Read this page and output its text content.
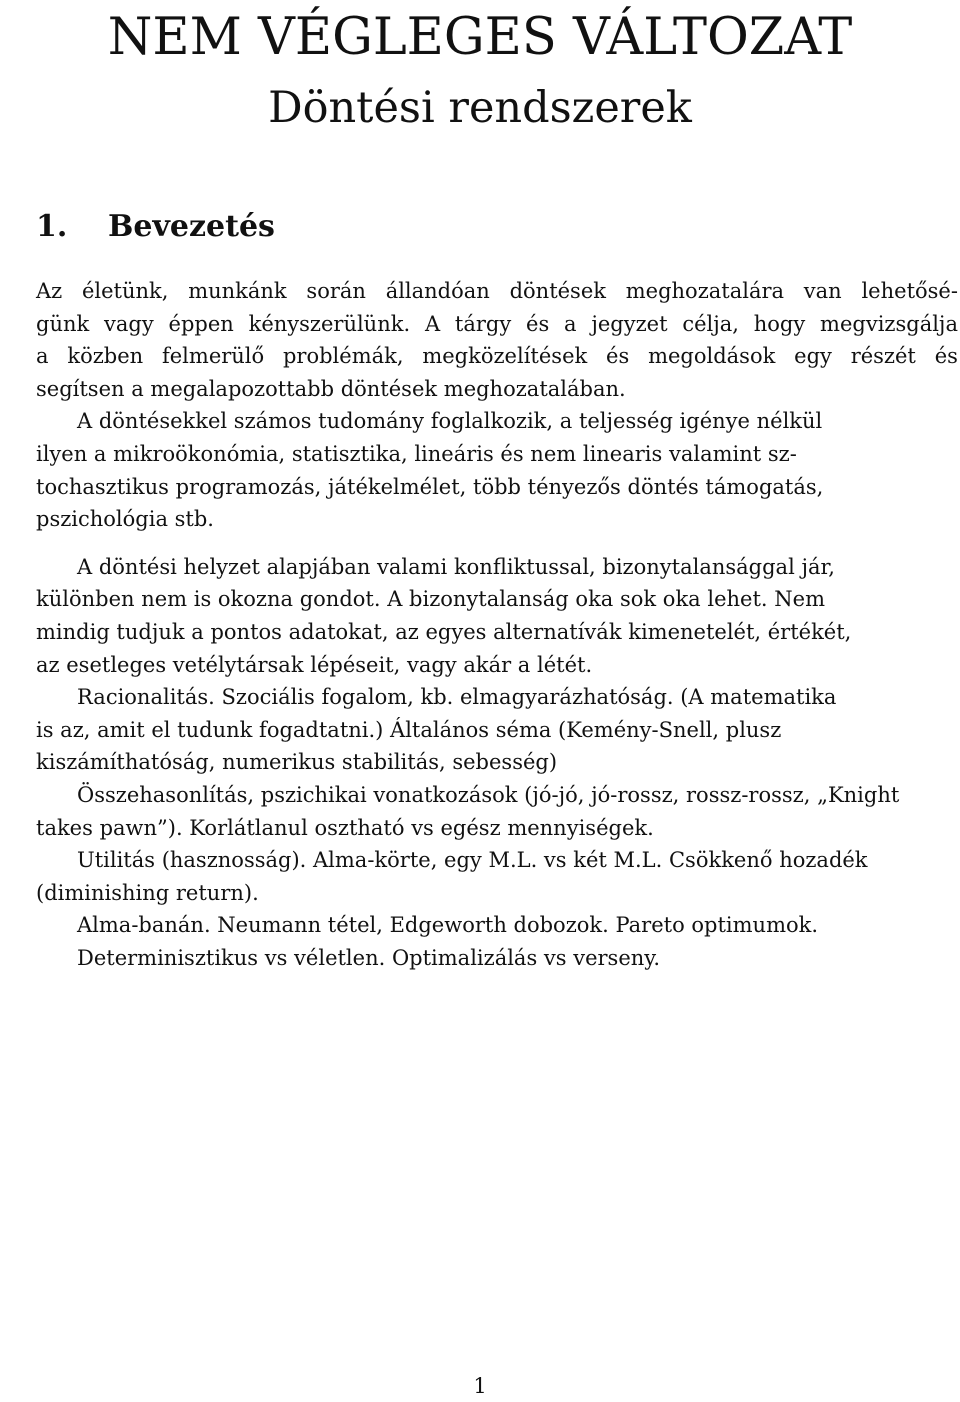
NEM VÉGLEGES VÁLTOZAT
Döntési rendszerek
1. Bevezetés
Az életünk, munkánk során állandóan döntések meghozatalára van lehetősé-
günk vagy éppen kényszerülünk. A tárgy és a jegyzet célja, hogy megvizsgálja
a közben felmerülő problémák, megközelítések és megoldások egy részét és
segítsen a megalapozottabb döntések meghozatalában.
A döntésekkel számos tudomány foglalkozik, a teljesség igénye nélkül
ilyen a mikroökonómia, statisztika, lineáris és nem linearis valamint sz-
tochasztikus programozás, játékelmélet, több tényezős döntés támogatás,
pszichológia stb.
A döntési helyzet alapjában valami konfliktussal, bizonytalansággal jár,
különben nem is okozna gondot. A bizonytalanság oka sok oka lehet. Nem
mindig tudjuk a pontos adatokat, az egyes alternatívák kimenetelét, értékét,
az esetleges vetélytársak lépéseit, vagy akár a létét.
Racionalitás. Szociális fogalom, kb. elmagyarázhatóság. (A matematika
is az, amit el tudunk fogadtatni.) Általános séma (Kemény-Snell, plusz
kiszámíthatóság, numerikus stabilitás, sebesség)
Összehasonlítás, pszichikai vonatkozások (jó-jó, jó-rossz, rossz-rossz, „Knight
takes pawn”). Korlátlanul osztható vs egész mennyiségek.
Utilitás (hasznosság). Alma-körte, egy M.L. vs két M.L. Csökkenő hozadék
(diminishing return).
Alma-banán. Neumann tétel, Edgeworth dobozok. Pareto optimumok.
Determinisztikus vs véletlen. Optimalizálás vs verseny.
1
